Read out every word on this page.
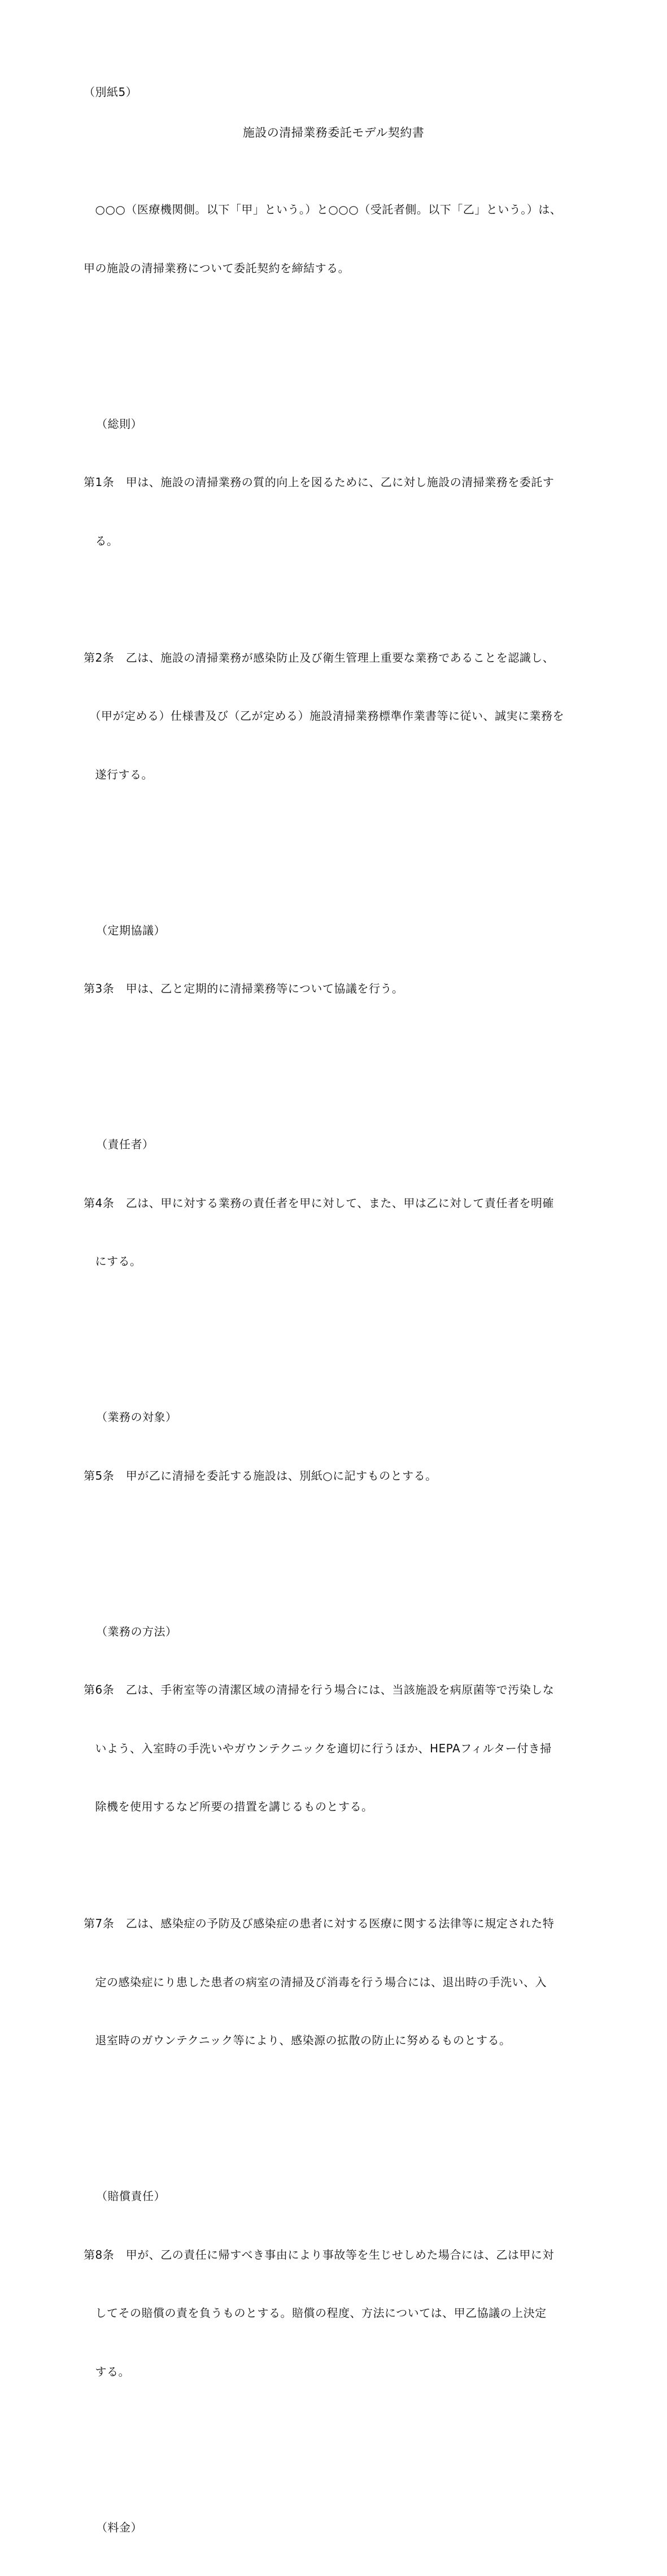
（別紙5）
施設の清掃業務委託モデル契約書

　○○○（医療機関側。以下「甲」という。）と○○○（受託者側。以下「乙」という。）は、

甲の施設の清掃業務について委託契約を締結する。

（総則）

第1条　甲は、施設の清掃業務の質的向上を図るために、乙に対し施設の清掃業務を委託す

　る。

第2条　乙は、施設の清掃業務が感染防止及び衛生管理上重要な業務であることを認識し、

　（甲が定める）仕様書及び（乙が定める）施設清掃業務標準作業書等に従い、誠実に業務を

　遂行する。

（定期協議）

第3条　甲は、乙と定期的に清掃業務等について協議を行う。

（責任者）

第4条　乙は、甲に対する業務の責任者を甲に対して、また、甲は乙に対して責任者を明確

　にする。

（業務の対象）

第5条　甲が乙に清掃を委託する施設は、別紙○に記すものとする。

（業務の方法）

第6条　乙は、手術室等の清潔区域の清掃を行う場合には、当該施設を病原菌等で汚染しな

　いよう、入室時の手洗いやガウンテクニックを適切に行うほか、HEPAフィルター付き掃

　除機を使用するなど所要の措置を講じるものとする。

第7条　乙は、感染症の予防及び感染症の患者に対する医療に関する法律等に規定された特

　定の感染症にり患した患者の病室の清掃及び消毒を行う場合には、退出時の手洗い、入

　退室時のガウンテクニック等により、感染源の拡散の防止に努めるものとする。

（賠償責任）

第8条　甲が、乙の責任に帰すべき事由により事故等を生じせしめた場合には、乙は甲に対

　してその賠償の責を負うものとする。賠償の程度、方法については、甲乙協議の上決定

　する。

（料金）
